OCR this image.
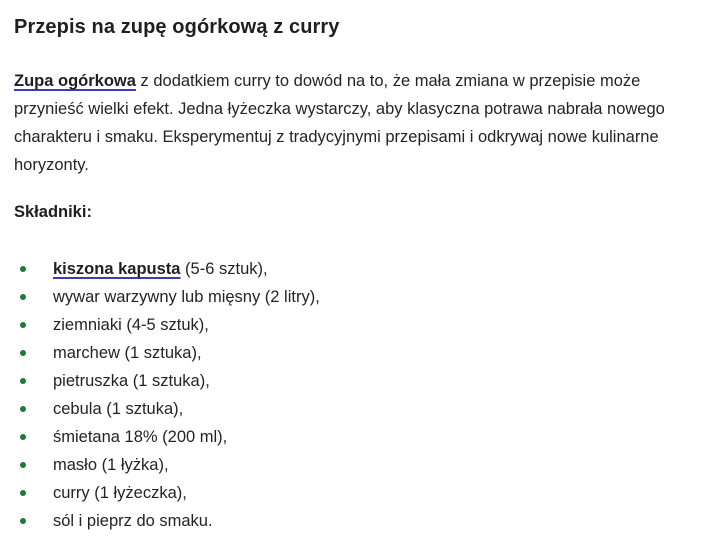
Przepis na zupę ogórkową z curry

Zupa ogórkowa z dodatkiem curry to dowód na to, że mała zmiana w przepisie może przynieść wielki efekt. Jedna łyżeczka wystarczy, aby klasyczna potrawa nabrała nowego charakteru i smaku. Eksperymentuj z tradycyjnymi przepisami i odkrywaj nowe kulinarne horyzonty.

Składniki:
kiszona kapusta (5-6 sztuk),
wywar warzywny lub mięsny (2 litry),
ziemniaki (4-5 sztuk),
marchew (1 sztuka),
pietruszka (1 sztuka),
cebula (1 sztuka),
śmietana 18% (200 ml),
masło (1 łyżka),
curry (1 łyżeczka),
sól i pieprz do smaku.
